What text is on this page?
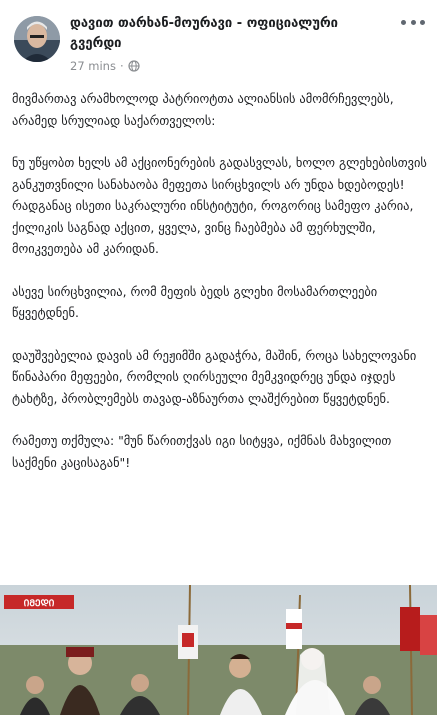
დავით თარხან-მოურავი - ოფიციალური გვერდი
27 mins ·

მივმართავ არამხოლოდ პატრიოტთა ალიანსის ამომრჩევლებს, არამედ სრულიად საქართველოს:

ნუ უწყობთ ხელს ამ აქციონერების გადასვლას, ხოლო გლეხებისთვის განკუთვნილი სანახაობა მეფეთა სირცხვილს არ უნდა ხდებოდეს! რადგანაც ისეთი საკრალური ინსტიტუტი, როგორიც სამეფო კარია, ქილიკის საგნად აქცით, ყველა, ვინც ჩაებმება ამ ფერხულში, მოიკვეთება ამ კარიდან.

ასევე სირცხვილია, რომ მეფის ბედს გლეხი მოსამართლეები წყვეტდნენ.

დაუშვებელია დავის ამ რეჟიმში გადაჭრა, მაშინ, როცა სახელოვანი წინაპარი მეფეები, რომლის ღირსეული მემკვიდრეც უნდა იჯდეს ტახტზე, პრობლემებს თავად-აზნაურთა ლაშქრებით წყვეტდნენ.

რამეთუ თქმულა: "მუნ წარითქვას იგი სიტყვა, იქმნას მახვილით საქმენი კაცისაგან"!

ᲘᲛᲔᲓᲘ
